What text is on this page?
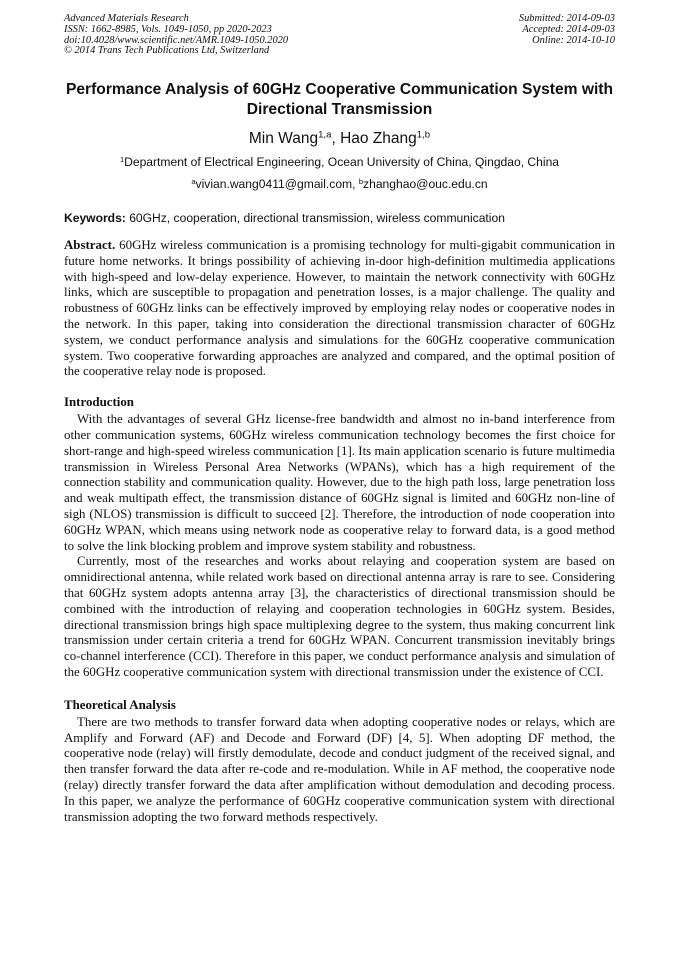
Advanced Materials Research
ISSN: 1662-8985, Vols. 1049-1050, pp 2020-2023
doi:10.4028/www.scientific.net/AMR.1049-1050.2020
© 2014 Trans Tech Publications Ltd, Switzerland
Submitted: 2014-09-03
Accepted: 2014-09-03
Online: 2014-10-10
Performance Analysis of 60GHz Cooperative Communication System with Directional Transmission
Min Wang$^{1,a}$, Hao Zhang$^{1,b}$
$^1$Department of Electrical Engineering, Ocean University of China, Qingdao, China
$^a$vivian.wang0411@gmail.com, $^b$zhanghao@ouc.edu.cn
Keywords: 60GHz, cooperation, directional transmission, wireless communication

Abstract. 60GHz wireless communication is a promising technology for multi-gigabit communication in future home networks. It brings possibility of achieving in-door high-definition multimedia applications with high-speed and low-delay experience. However, to maintain the network connectivity with 60GHz links, which are susceptible to propagation and penetration losses, is a major challenge. The quality and robustness of 60GHz links can be effectively improved by employing relay nodes or cooperative nodes in the network. In this paper, taking into consideration the directional transmission character of 60GHz system, we conduct performance analysis and simulations for the 60GHz cooperative communication system. Two cooperative forwarding approaches are analyzed and compared, and the optimal position of the cooperative relay node is proposed.

Introduction

With the advantages of several GHz license-free bandwidth and almost no in-band interference from other communication systems, 60GHz wireless communication technology becomes the first choice for short-range and high-speed wireless communication [1]. Its main application scenario is future multimedia transmission in Wireless Personal Area Networks (WPANs), which has a high requirement of the connection stability and communication quality. However, due to the high path loss, large penetration loss and weak multipath effect, the transmission distance of 60GHz signal is limited and 60GHz non-line of sigh (NLOS) transmission is difficult to succeed [2]. Therefore, the introduction of node cooperation into 60GHz WPAN, which means using network node as cooperative relay to forward data, is a good method to solve the link blocking problem and improve system stability and robustness.

Currently, most of the researches and works about relaying and cooperation system are based on omnidirectional antenna, while related work based on directional antenna array is rare to see. Considering that 60GHz system adopts antenna array [3], the characteristics of directional transmission should be combined with the introduction of relaying and cooperation technologies in 60GHz system. Besides, directional transmission brings high space multiplexing degree to the system, thus making concurrent link transmission under certain criteria a trend for 60GHz WPAN. Concurrent transmission inevitably brings co-channel interference (CCI). Therefore in this paper, we conduct performance analysis and simulation of the 60GHz cooperative communication system with directional transmission under the existence of CCI.

Theoretical Analysis

There are two methods to transfer forward data when adopting cooperative nodes or relays, which are Amplify and Forward (AF) and Decode and Forward (DF) [4, 5]. When adopting DF method, the cooperative node (relay) will firstly demodulate, decode and conduct judgment of the received signal, and then transfer forward the data after re-code and re-modulation. While in AF method, the cooperative node (relay) directly transfer forward the data after amplification without demodulation and decoding process. In this paper, we analyze the performance of 60GHz cooperative communication system with directional transmission adopting the two forward methods respectively.
